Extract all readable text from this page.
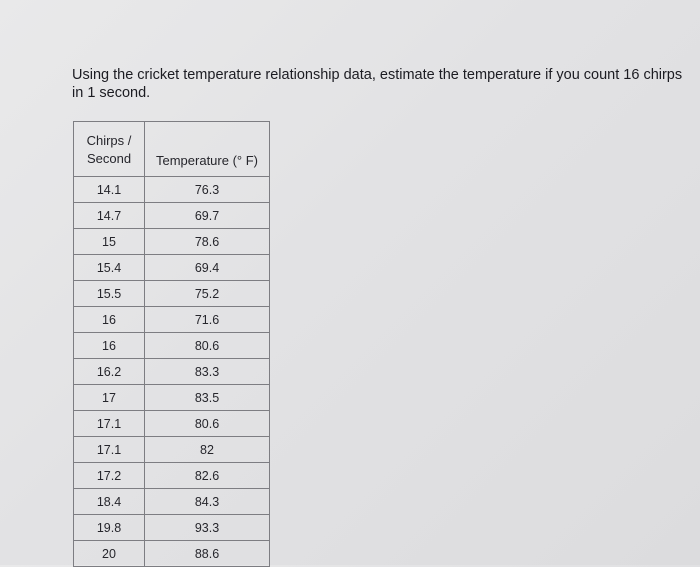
Using the cricket temperature relationship data, estimate the temperature if you count 16 chirps in 1 second.
Chirps /
Second	Temperature (° F)
14.1	76.3
14.7	69.7
15	78.6
15.4	69.4
15.5	75.2
16	71.6
16	80.6
16.2	83.3
17	83.5
17.1	80.6
17.1	82
17.2	82.6
18.4	84.3
19.8	93.3
20	88.6
